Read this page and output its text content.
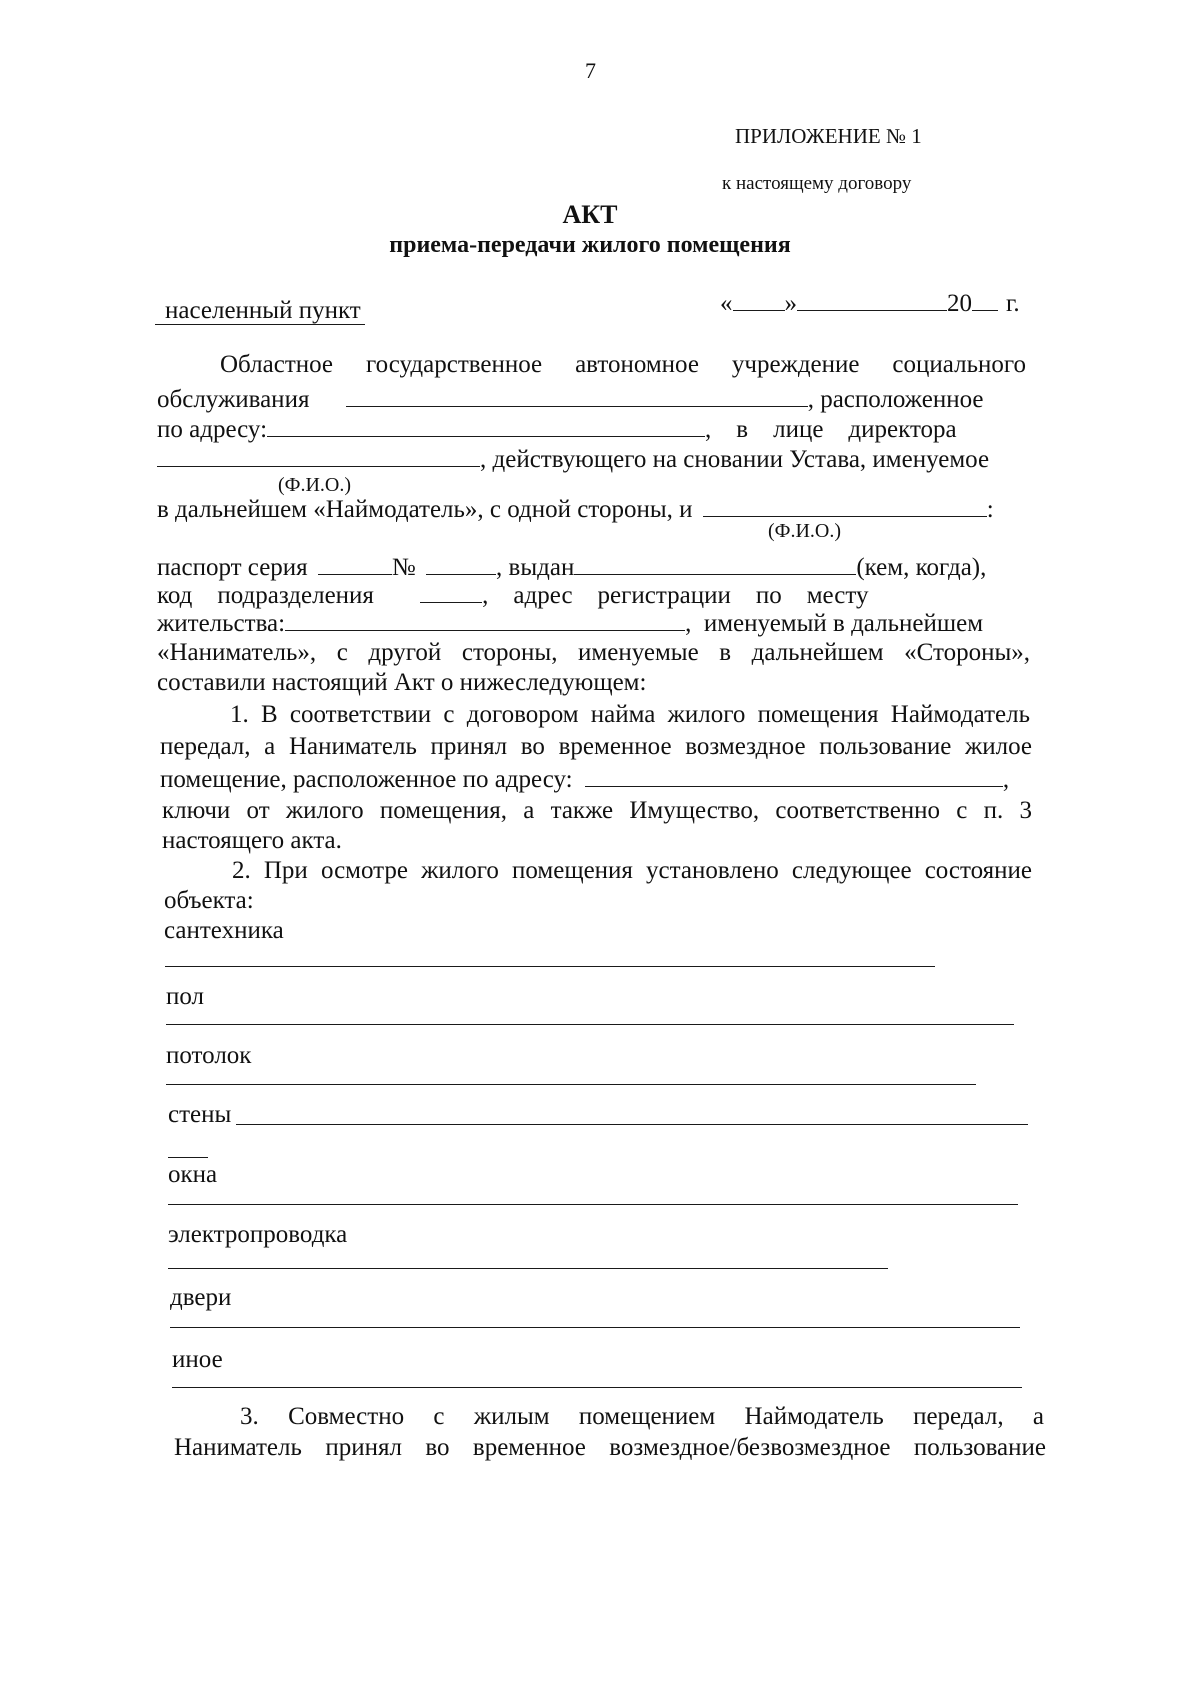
7
ПРИЛОЖЕНИЕ № 1
к настоящему договору
АКТ
приема-передачи жилого помещения
населенный пункт	« »	20 г.
Областное государственное автономное учреждение социального
обслуживания	, расположенное
по адресу:	,    в    лице    директора
, действующего на сновании Устава, именуемое
(Ф.И.О.)
в дальнейшем «Наймодатель», с одной стороны, и	:
(Ф.И.О.)
паспорт серия	№	, выдан	(кем, когда),
код    подразделения	,    адрес    регистрации    по    месту
жительства:	,  именуемый в дальнейшем
«Наниматель», с другой стороны, именуемые в дальнейшем «Стороны»,
составили настоящий Акт о нижеследующем:
1. В соответствии с договором найма жилого помещения Наймодатель
передал, а Наниматель принял во временное возмездное пользование жилое
помещение, расположенное по адресу:	,
ключи от жилого помещения, а также Имущество, соответственно с п. 3
настоящего акта.
2. При осмотре жилого помещения установлено следующее состояние
объекта:
сантехника
пол
потолок
стены
окна
электропроводка
двери
иное
3. Совместно с жилым помещением Наймодатель передал, а
Наниматель принял во временное возмездное/безвозмездное пользование
